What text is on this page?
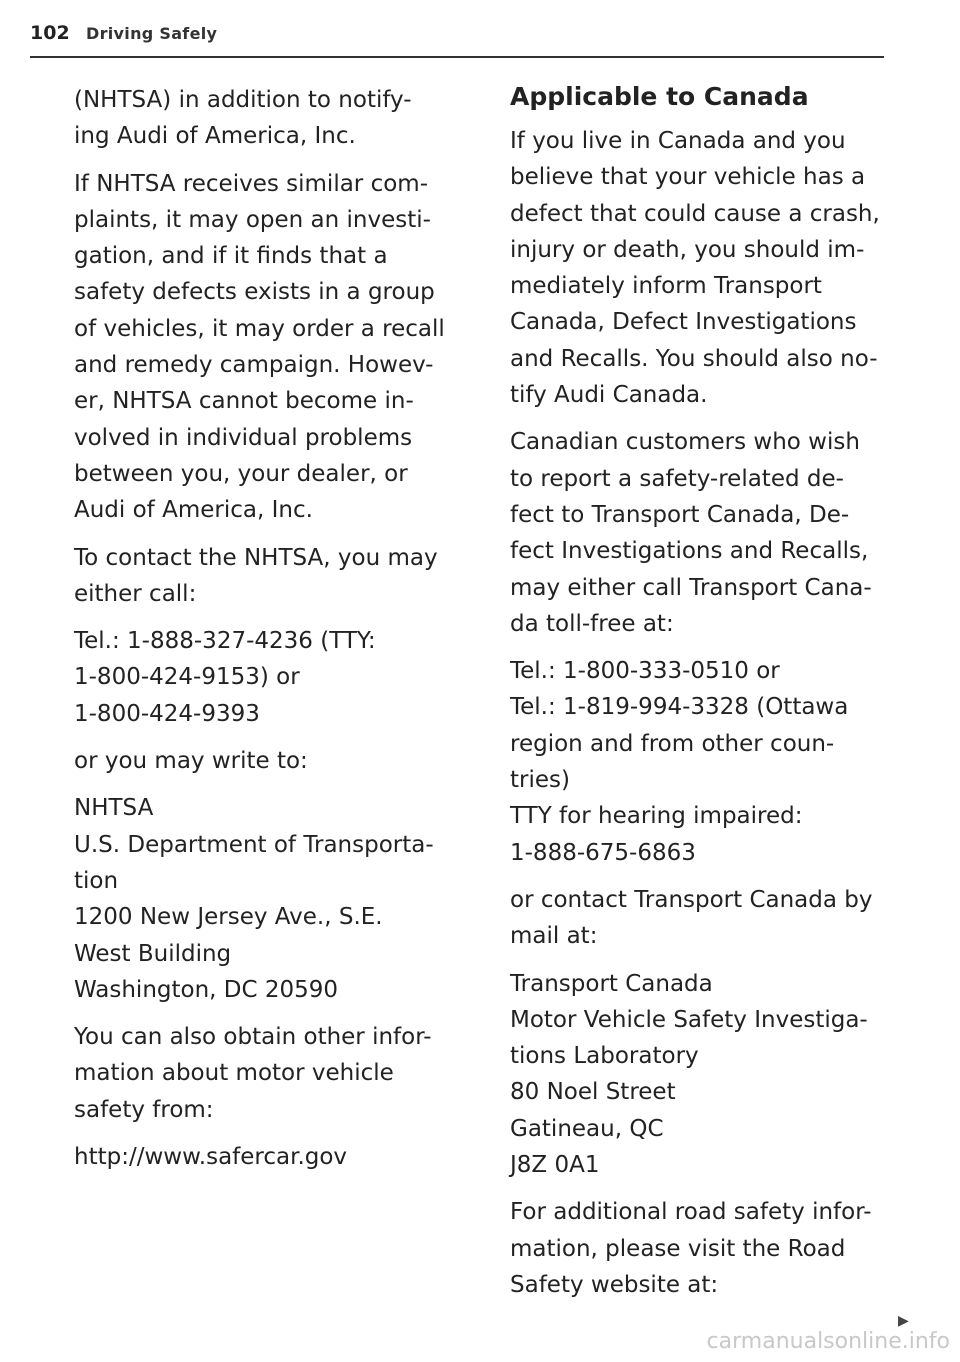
102 Driving Safely
(NHTSA) in addition to notify-
ing Audi of America, Inc.
If NHTSA receives similar com-
plaints, it may open an investi-
gation, and if it finds that a
safety defects exists in a group
of vehicles, it may order a recall
and remedy campaign. Howev-
er, NHTSA cannot become in-
volved in individual problems
between you, your dealer, or
Audi of America, Inc.
To contact the NHTSA, you may
either call:
Tel.: 1-888-327-4236 (TTY:
1-800-424-9153) or
1-800-424-9393
or you may write to:
NHTSA
U.S. Department of Transporta-
tion
1200 New Jersey Ave., S.E.
West Building
Washington, DC 20590
You can also obtain other infor-
mation about motor vehicle
safety from:
http://www.safercar.gov
Applicable to Canada
If you live in Canada and you
believe that your vehicle has a
defect that could cause a crash,
injury or death, you should im-
mediately inform Transport
Canada, Defect Investigations
and Recalls. You should also no-
tify Audi Canada.
Canadian customers who wish
to report a safety-related de-
fect to Transport Canada, De-
fect Investigations and Recalls,
may either call Transport Cana-
da toll-free at:
Tel.: 1-800-333-0510 or
Tel.: 1-819-994-3328 (Ottawa
region and from other coun-
tries)
TTY for hearing impaired:
1-888-675-6863
or contact Transport Canada by
mail at:
Transport Canada
Motor Vehicle Safety Investiga-
tions Laboratory
80 Noel Street
Gatineau, QC
J8Z 0A1
For additional road safety infor-
mation, please visit the Road
Safety website at:
▶
carmanualsonline.info
